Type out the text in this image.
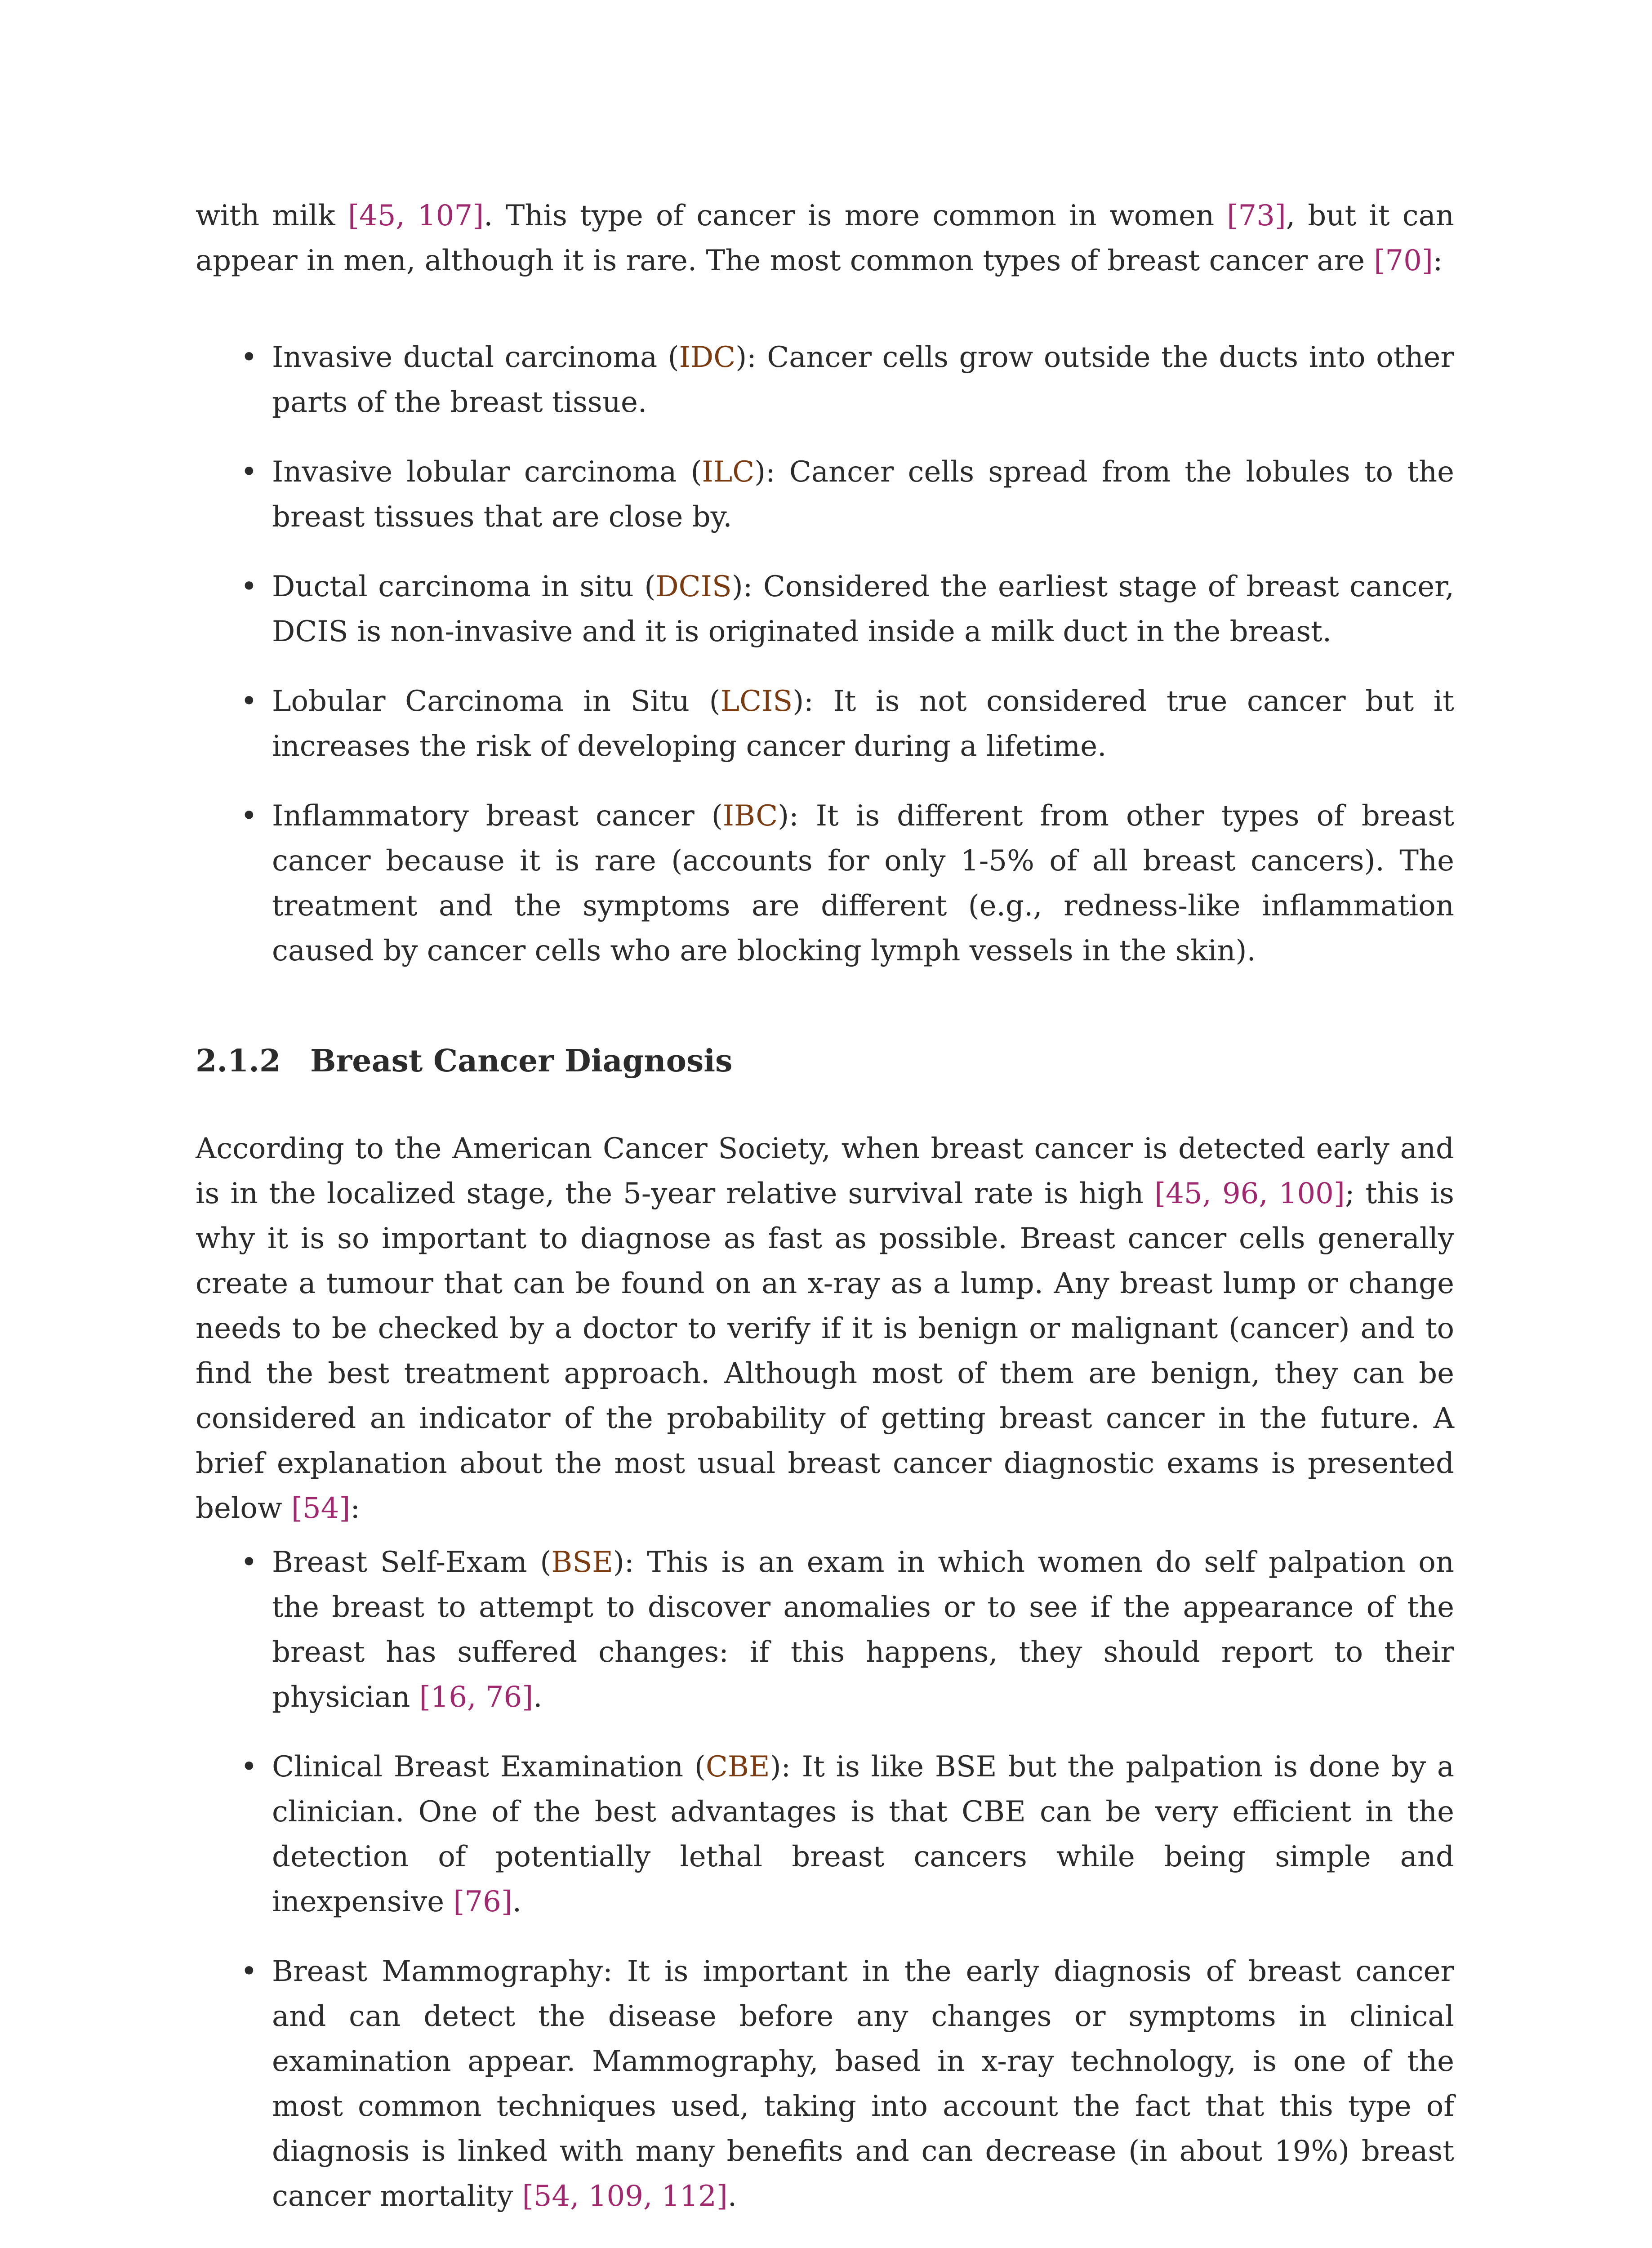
with milk [45, 107]. This type of cancer is more common in women [73], but it can appear in men, although it is rare. The most common types of breast cancer are [70]:

• Invasive ductal carcinoma (IDC): Cancer cells grow outside the ducts into other parts of the breast tissue.
• Invasive lobular carcinoma (ILC): Cancer cells spread from the lobules to the breast tissues that are close by.
• Ductal carcinoma in situ (DCIS): Considered the earliest stage of breast cancer, DCIS is non-invasive and it is originated inside a milk duct in the breast.
• Lobular Carcinoma in Situ (LCIS): It is not considered true cancer but it increases the risk of developing cancer during a lifetime.
• Inflammatory breast cancer (IBC): It is different from other types of breast cancer because it is rare (accounts for only 1-5% of all breast cancers). The treatment and the symptoms are different (e.g., redness-like inflammation caused by cancer cells who are blocking lymph vessels in the skin).
2.1.2 Breast Cancer Diagnosis

According to the American Cancer Society, when breast cancer is detected early and is in the localized stage, the 5-year relative survival rate is high [45, 96, 100]; this is why it is so important to diagnose as fast as possible. Breast cancer cells generally create a tumour that can be found on an x-ray as a lump. Any breast lump or change needs to be checked by a doctor to verify if it is benign or malignant (cancer) and to find the best treatment approach. Although most of them are benign, they can be considered an indicator of the probability of getting breast cancer in the future. A brief explanation about the most usual breast cancer diagnostic exams is presented below [54]:

• Breast Self-Exam (BSE): This is an exam in which women do self palpation on the breast to attempt to discover anomalies or to see if the appearance of the breast has suffered changes: if this happens, they should report to their physician [16, 76].
• Clinical Breast Examination (CBE): It is like BSE but the palpation is done by a clinician. One of the best advantages is that CBE can be very efficient in the detection of potentially lethal breast cancers while being simple and inexpensive [76].
• Breast Mammography: It is important in the early diagnosis of breast cancer and can detect the disease before any changes or symptoms in clinical examination appear. Mammography, based in x-ray technology, is one of the most common techniques used, taking into account the fact that this type of diagnosis is linked with many benefits and can decrease (in about 19%) breast cancer mortality [54, 109, 112].
